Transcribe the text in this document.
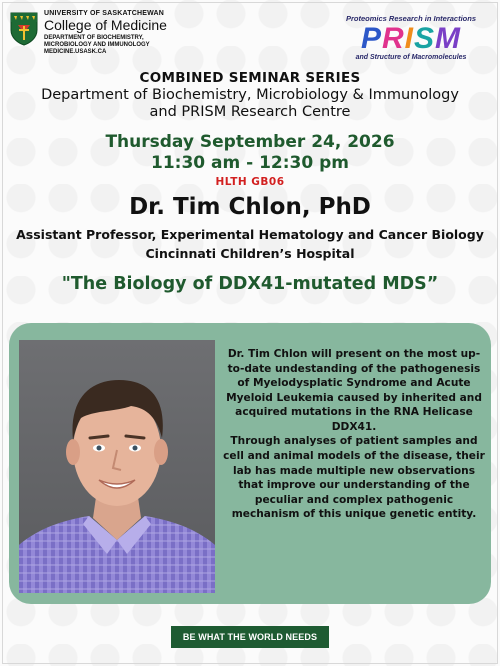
UNIVERSITY OF SASKATCHEWAN
College of Medicine
DEPARTMENT OF BIOCHEMISTRY,
MICROBIOLOGY AND IMMUNOLOGY
MEDICINE.USASK.CA
Proteomics Research in Interactions
PRISM
and Structure of Macromolecules
COMBINED SEMINAR SERIES
Department of Biochemistry, Microbiology & Immunology
and PRISM Research Centre
Thursday September 24, 2026
11:30 am - 12:30 pm
HLTH GB06
Dr. Tim Chlon, PhD
Assistant Professor, Experimental Hematology and Cancer Biology
Cincinnati Children’s Hospital
"The Biology of DDX41-mutated MDS”

Dr. Tim Chlon will present on the most up-to-date undestanding of the pathogenesis of Myelodysplatic Syndrome and Acute Myeloid Leukemia caused by inherited and acquired mutations in the RNA Helicase DDX41.

Through analyses of patient samples and cell and animal models of the disease, their lab has made multiple new observations that improve our understanding of the peculiar and complex pathogenic mechanism of this unique genetic entity.

BE WHAT THE WORLD NEEDS
